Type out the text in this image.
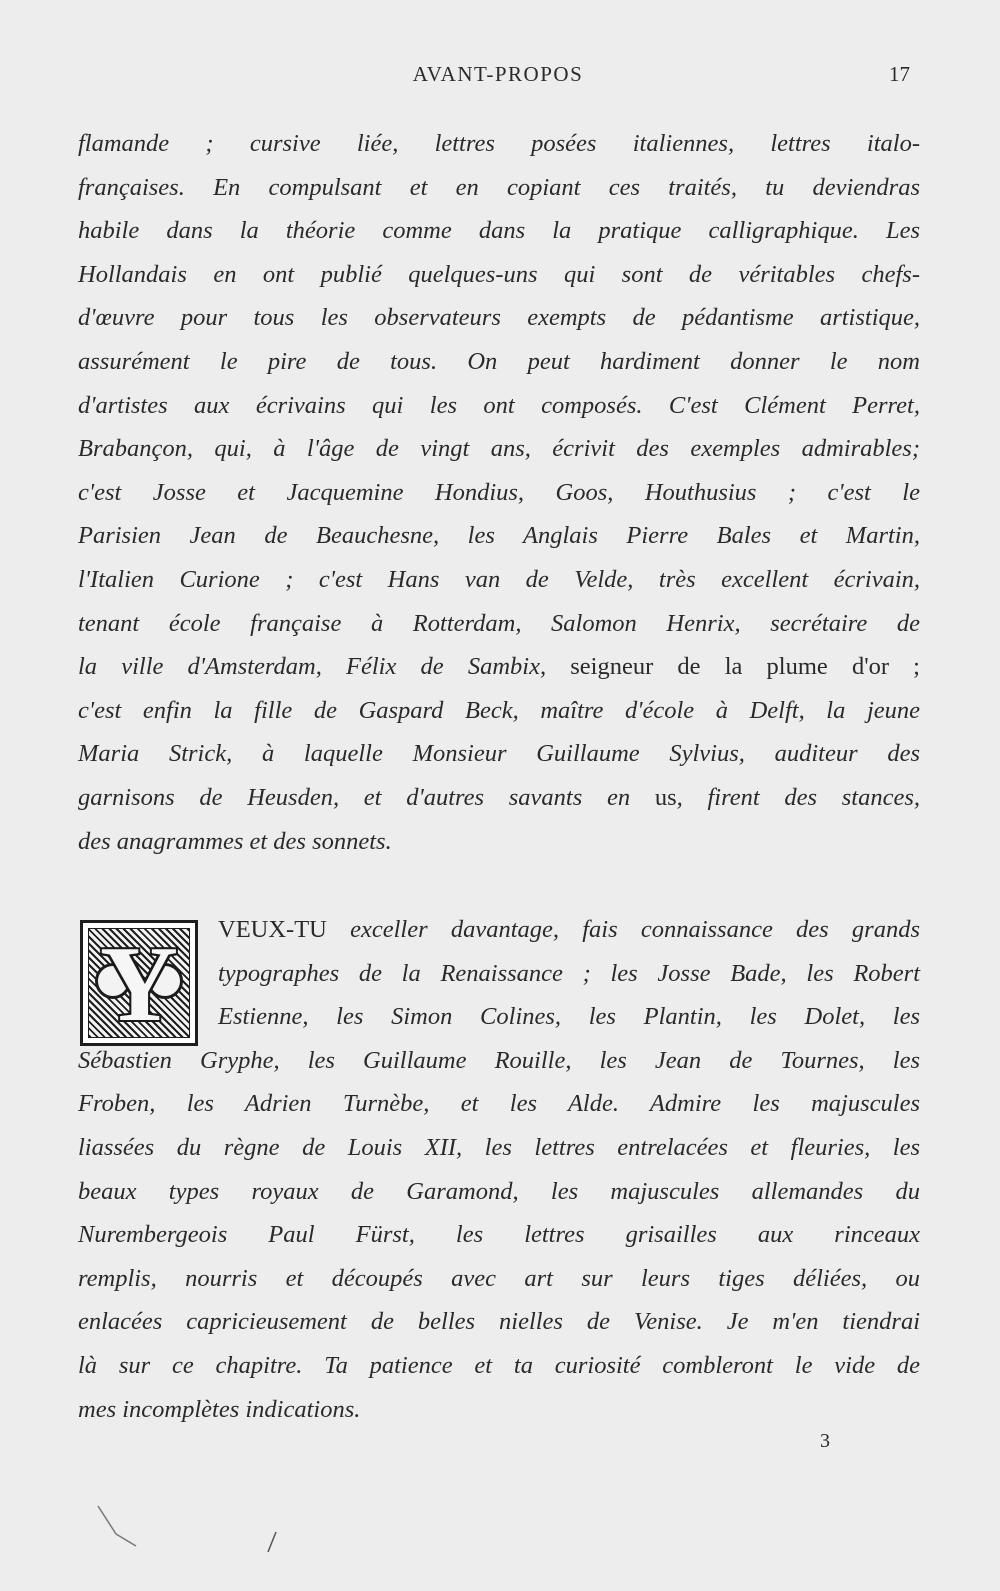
AVANT-PROPOS	17
flamande ; cursive liée, lettres posées italiennes, lettres italo-
françaises. En compulsant et en copiant ces traités, tu deviendras
habile dans la théorie comme dans la pratique calligraphique. Les
Hollandais en ont publié quelques-uns qui sont de véritables chefs-
d'œuvre pour tous les observateurs exempts de pédantisme artistique,
assurément le pire de tous. On peut hardiment donner le nom
d'artistes aux écrivains qui les ont composés. C'est Clément Perret,
Brabançon, qui, à l'âge de vingt ans, écrivit des exemples admirables;
c'est Josse et Jacquemine Hondius, Goos, Houthusius ; c'est le
Parisien Jean de Beauchesne, les Anglais Pierre Bales et Martin,
l'Italien Curione ; c'est Hans van de Velde, très excellent écrivain,
tenant école française à Rotterdam, Salomon Henrix, secrétaire de
la ville d'Amsterdam, Félix de Sambix, seigneur de la plume d'or ;
c'est enfin la fille de Gaspard Beck, maître d'école à Delft, la jeune
Maria Strick, à laquelle Monsieur Guillaume Sylvius, auditeur des
garnisons de Heusden, et d'autres savants en us, firent des stances,
des anagrammes et des sonnets.
Y	VEUX-TU exceller davantage, fais connaissance des grands
typographes de la Renaissance ; les Josse Bade, les Robert
Estienne, les Simon Colines, les Plantin, les Dolet, les
Sébastien Gryphe, les Guillaume Rouille, les Jean de Tournes, les
Froben, les Adrien Turnèbe, et les Alde. Admire les majuscules
liassées du règne de Louis XII, les lettres entrelacées et fleuries, les
beaux types royaux de Garamond, les majuscules allemandes du
Nurembergeois Paul Fürst, les lettres grisailles aux rinceaux
remplis, nourris et découpés avec art sur leurs tiges déliées, ou
enlacées capricieusement de belles nielles de Venise. Je m'en tiendrai
là sur ce chapitre. Ta patience et ta curiosité combleront le vide de
mes incomplètes indications.
3
